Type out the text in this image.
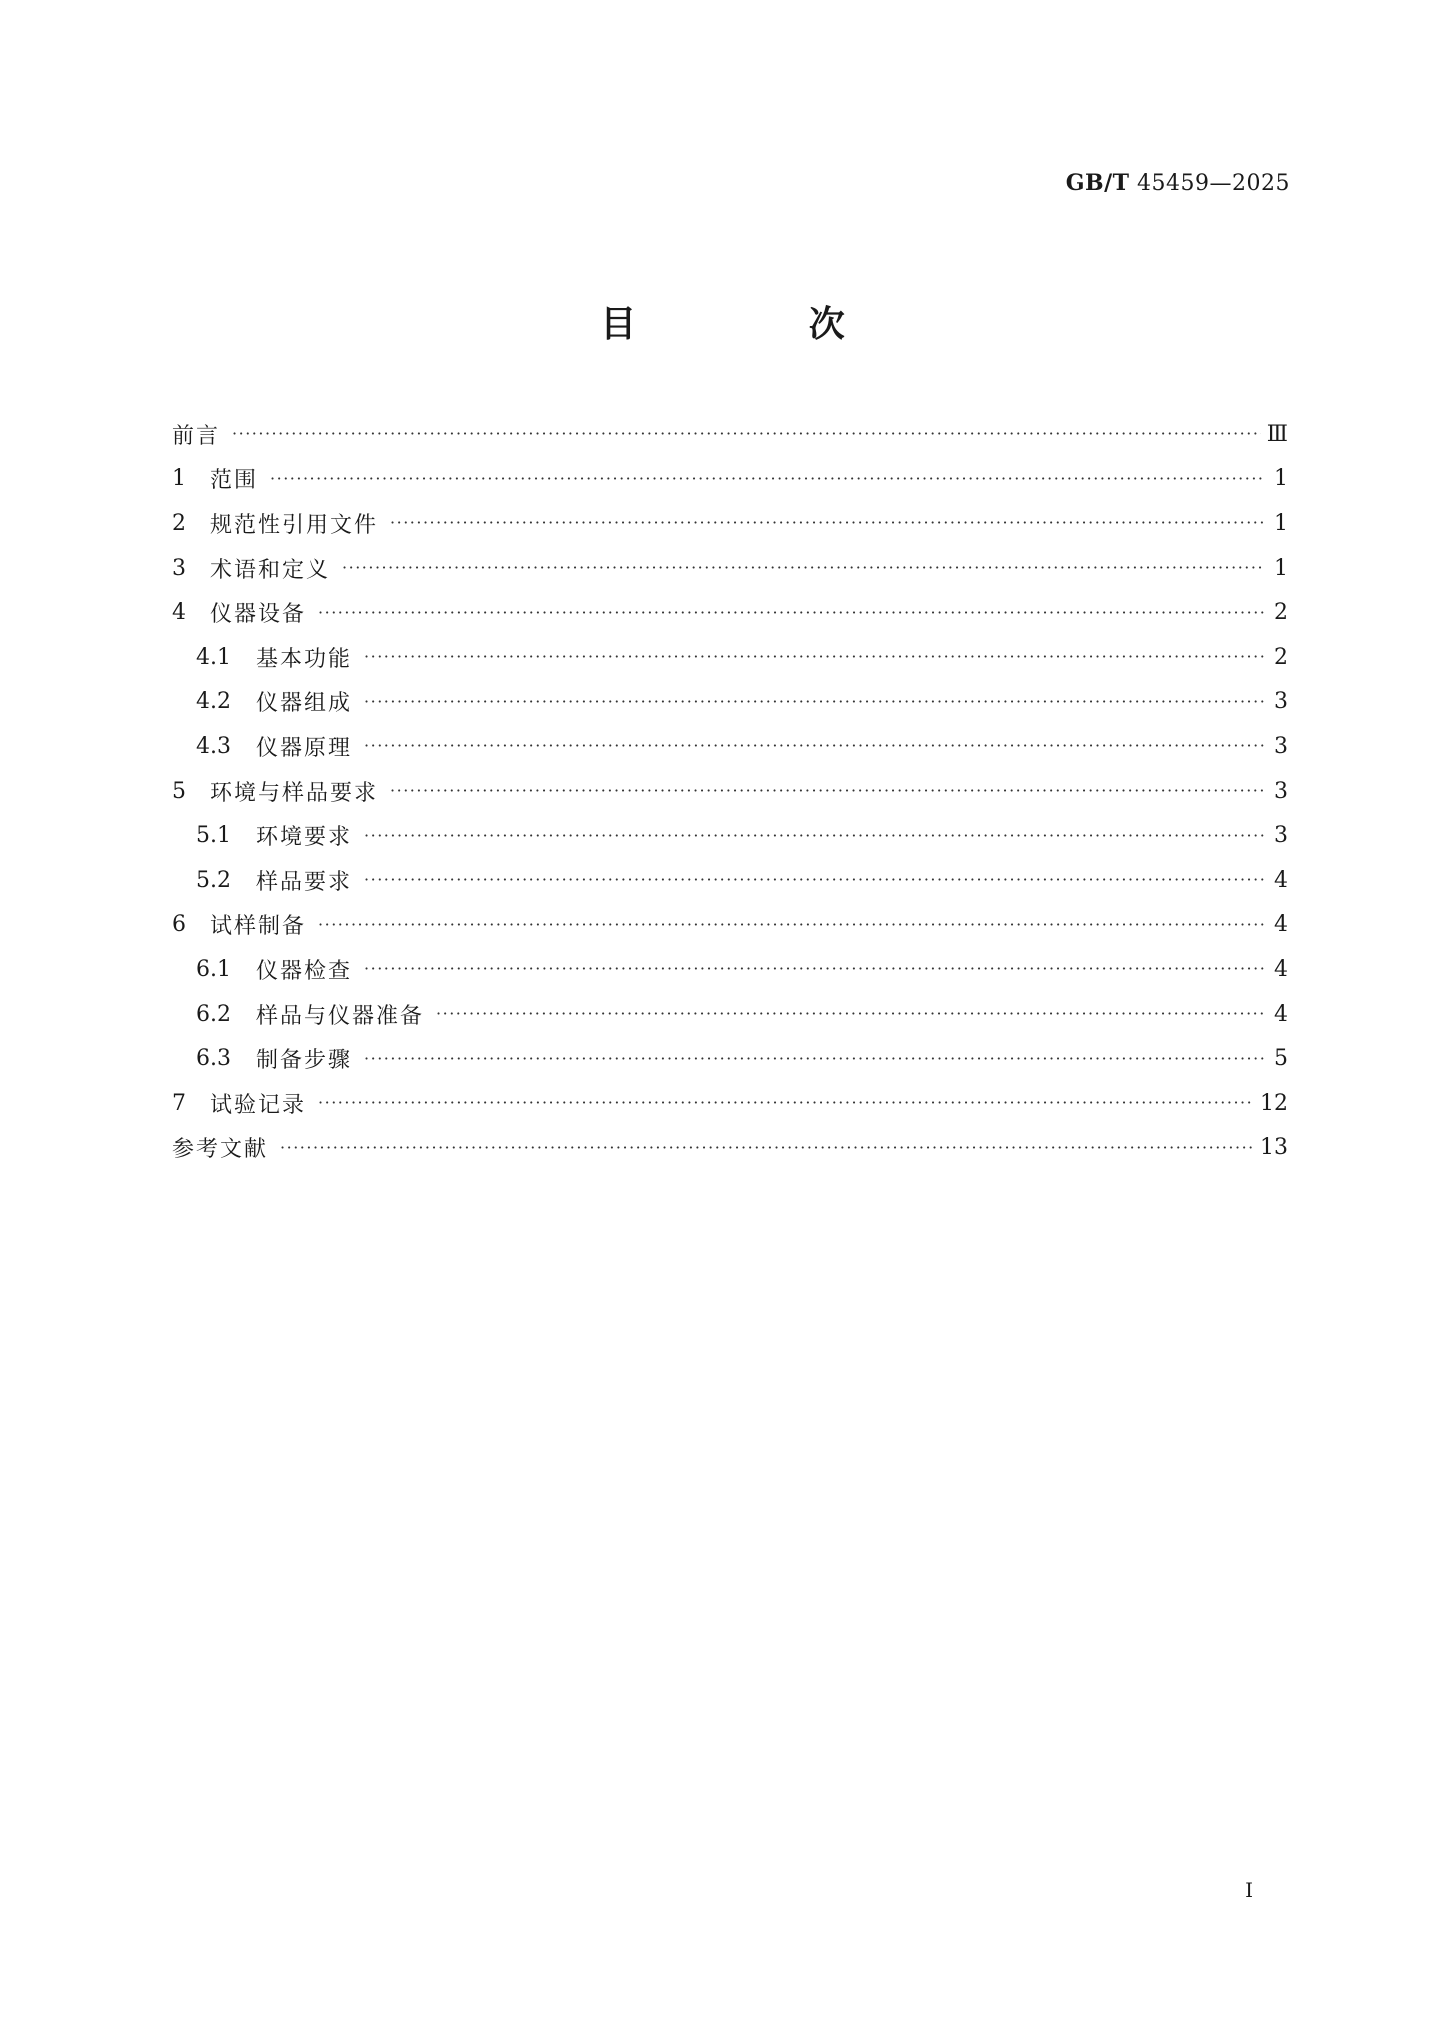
GB/T 45459—2025
目 次
前言 ·····	Ⅲ
1	范围 ·····	1
2	规范性引用文件 ·····	1
3	术语和定义 ·····	1
4	仪器设备 ·····	2
4.1	基本功能 ·····	2
4.2	仪器组成 ·····	3
4.3	仪器原理 ·····	3
5	环境与样品要求 ·····	3
5.1	环境要求 ·····	3
5.2	样品要求 ·····	4
6	试样制备 ·····	4
6.1	仪器检查 ·····	4
6.2	样品与仪器准备 ·····	4
6.3	制备步骤 ·····	5
7	试验记录 ·····	12
参考文献 ·····	13
I
